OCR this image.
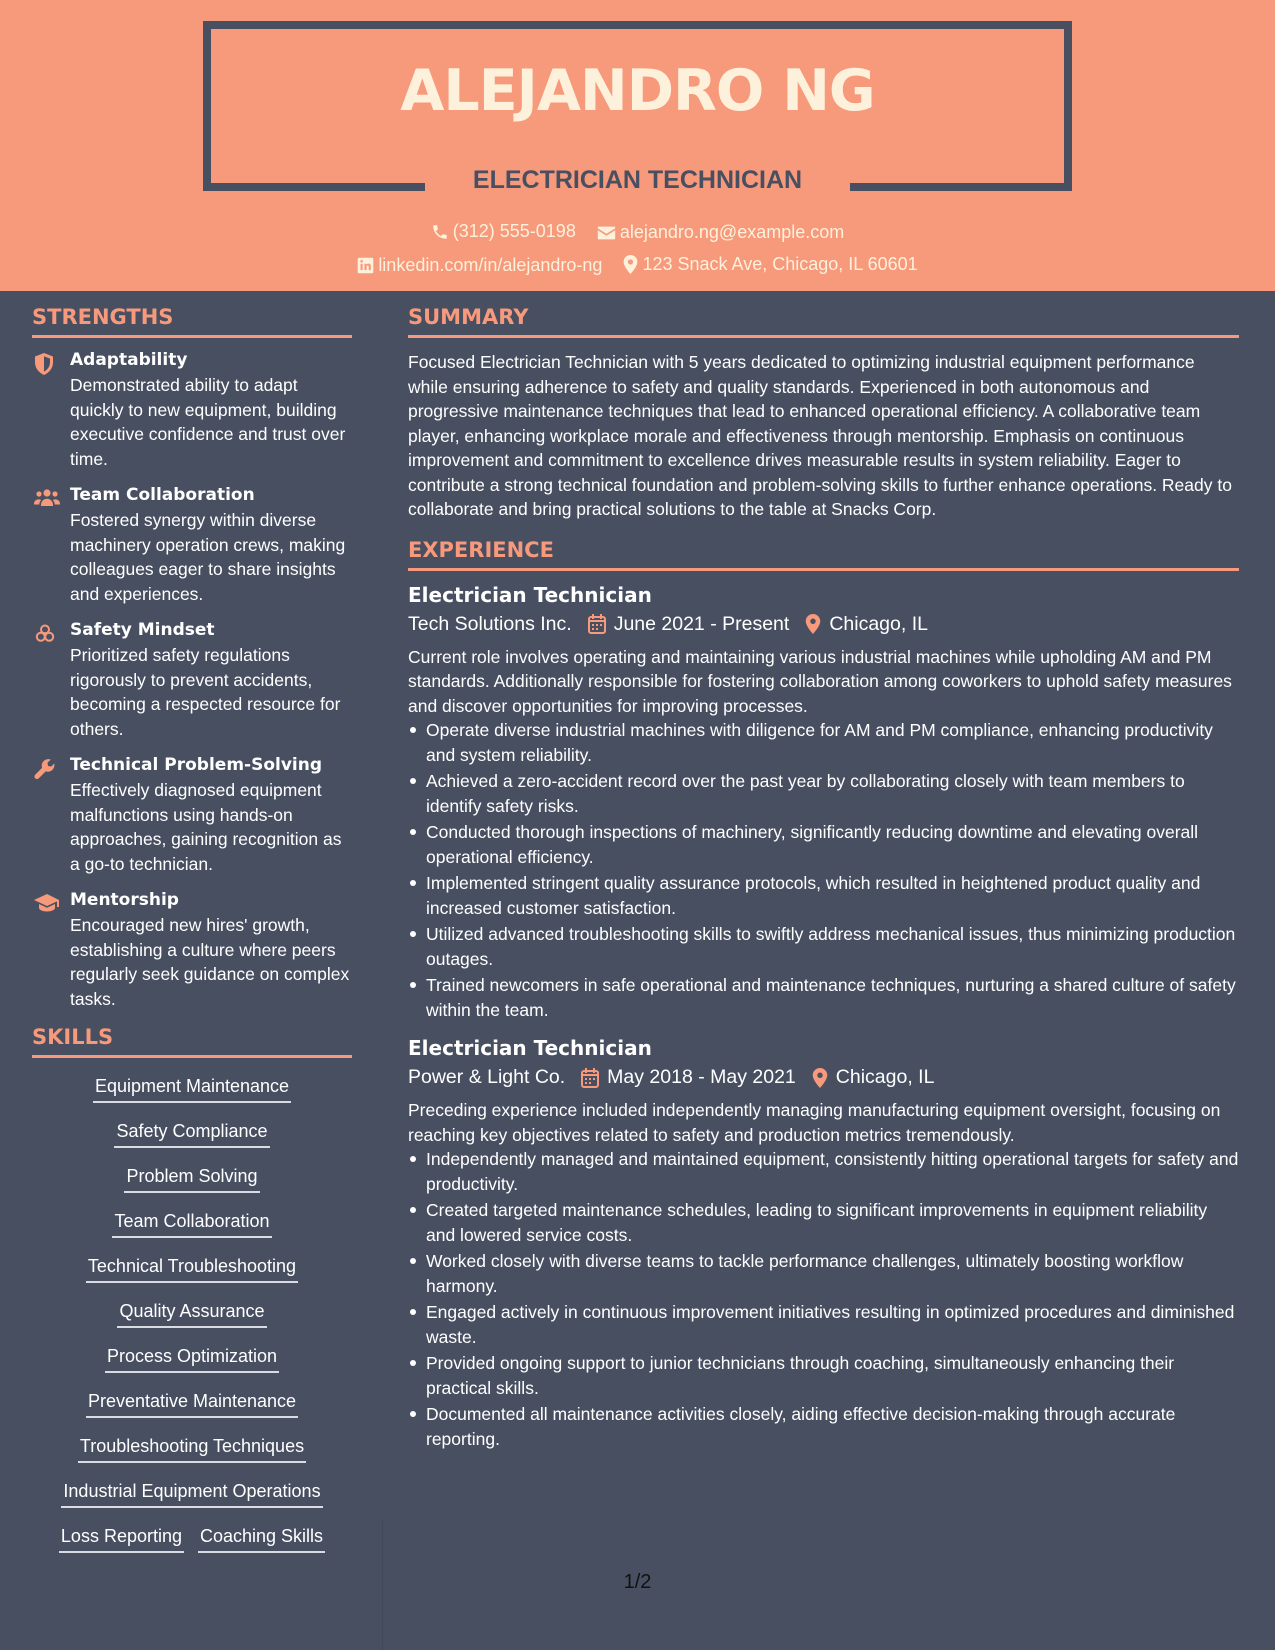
ALEJANDRO NG
ELECTRICIAN TECHNICIAN
(312) 555-0198
alejandro.ng@example.com
linkedin.com/in/alejandro-ng
123 Snack Ave, Chicago, IL 60601
STRENGTHS
Adaptability
Demonstrated ability to adapt quickly to new equipment, building executive confidence and trust over time.
Team Collaboration
Fostered synergy within diverse machinery operation crews, making colleagues eager to share insights and experiences.
Safety Mindset
Prioritized safety regulations rigorously to prevent accidents, becoming a respected resource for others.
Technical Problem-Solving
Effectively diagnosed equipment malfunctions using hands-on approaches, gaining recognition as a go-to technician.
Mentorship
Encouraged new hires' growth, establishing a culture where peers regularly seek guidance on complex tasks.
SKILLS
Equipment Maintenance
Safety Compliance
Problem Solving
Team Collaboration
Technical Troubleshooting
Quality Assurance
Process Optimization
Preventative Maintenance
Troubleshooting Techniques
Industrial Equipment Operations
Loss Reporting Coaching Skills
SUMMARY
Focused Electrician Technician with 5 years dedicated to optimizing industrial equipment performance while ensuring adherence to safety and quality standards. Experienced in both autonomous and progressive maintenance techniques that lead to enhanced operational efficiency. A collaborative team player, enhancing workplace morale and effectiveness through mentorship. Emphasis on continuous improvement and commitment to excellence drives measurable results in system reliability. Eager to contribute a strong technical foundation and problem-solving skills to further enhance operations. Ready to collaborate and bring practical solutions to the table at Snacks Corp.
EXPERIENCE
Electrician Technician
Tech Solutions Inc. June 2021 - Present Chicago, IL
Current role involves operating and maintaining various industrial machines while upholding AM and PM standards. Additionally responsible for fostering collaboration among coworkers to uphold safety measures and discover opportunities for improving processes.
Operate diverse industrial machines with diligence for AM and PM compliance, enhancing productivity and system reliability.
Achieved a zero-accident record over the past year by collaborating closely with team members to identify safety risks.
Conducted thorough inspections of machinery, significantly reducing downtime and elevating overall operational efficiency.
Implemented stringent quality assurance protocols, which resulted in heightened product quality and increased customer satisfaction.
Utilized advanced troubleshooting skills to swiftly address mechanical issues, thus minimizing production outages.
Trained newcomers in safe operational and maintenance techniques, nurturing a shared culture of safety within the team.
Electrician Technician
Power & Light Co. May 2018 - May 2021 Chicago, IL
Preceding experience included independently managing manufacturing equipment oversight, focusing on reaching key objectives related to safety and production metrics tremendously.
Independently managed and maintained equipment, consistently hitting operational targets for safety and productivity.
Created targeted maintenance schedules, leading to significant improvements in equipment reliability and lowered service costs.
Worked closely with diverse teams to tackle performance challenges, ultimately boosting workflow harmony.
Engaged actively in continuous improvement initiatives resulting in optimized procedures and diminished waste.
Provided ongoing support to junior technicians through coaching, simultaneously enhancing their practical skills.
Documented all maintenance activities closely, aiding effective decision-making through accurate reporting.
1/2
